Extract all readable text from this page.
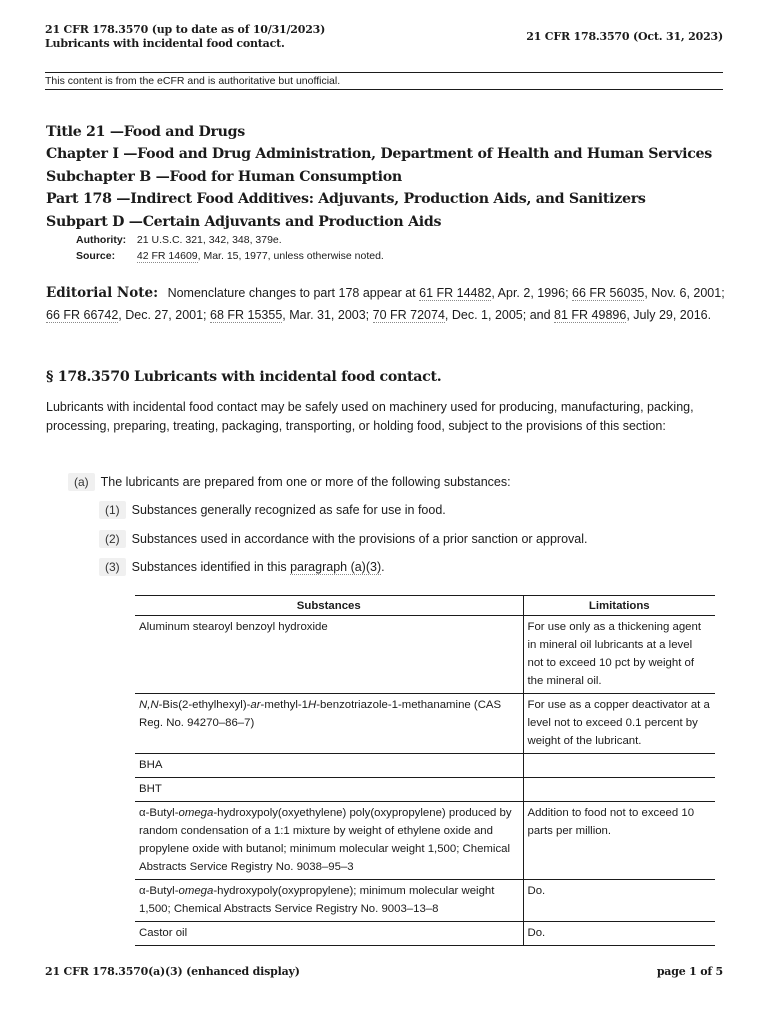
21 CFR 178.3570 (up to date as of 10/31/2023)
Lubricants with incidental food contact.
21 CFR 178.3570 (Oct. 31, 2023)
This content is from the eCFR and is authoritative but unofficial.
Title 21 —Food and Drugs
Chapter I —Food and Drug Administration, Department of Health and Human Services
Subchapter B —Food for Human Consumption
Part 178 —Indirect Food Additives: Adjuvants, Production Aids, and Sanitizers
Subpart D —Certain Adjuvants and Production Aids
Authority: 21 U.S.C. 321, 342, 348, 379e.
Source: 42 FR 14609, Mar. 15, 1977, unless otherwise noted.
Editorial Note: Nomenclature changes to part 178 appear at 61 FR 14482, Apr. 2, 1996; 66 FR 56035, Nov. 6, 2001; 66 FR 66742, Dec. 27, 2001; 68 FR 15355, Mar. 31, 2003; 70 FR 72074, Dec. 1, 2005; and 81 FR 49896, July 29, 2016.
§ 178.3570 Lubricants with incidental food contact.
Lubricants with incidental food contact may be safely used on machinery used for producing, manufacturing, packing, processing, preparing, treating, packaging, transporting, or holding food, subject to the provisions of this section:
(a) The lubricants are prepared from one or more of the following substances:
(1) Substances generally recognized as safe for use in food.
(2) Substances used in accordance with the provisions of a prior sanction or approval.
(3) Substances identified in this paragraph (a)(3).
Substances	Limitations
Aluminum stearoyl benzoyl hydroxide	For use only as a thickening agent in mineral oil lubricants at a level not to exceed 10 pct by weight of the mineral oil.
N,N-Bis(2-ethylhexyl)-ar-methyl-1H-benzotriazole-1-methanamine (CAS Reg. No. 94270–86–7)	For use as a copper deactivator at a level not to exceed 0.1 percent by weight of the lubricant.
BHA	
BHT	
α-Butyl-omega-hydroxypoly(oxyethylene) poly(oxypropylene) produced by random condensation of a 1:1 mixture by weight of ethylene oxide and propylene oxide with butanol; minimum molecular weight 1,500; Chemical Abstracts Service Registry No. 9038–95–3	Addition to food not to exceed 10 parts per million.
α-Butyl-omega-hydroxypoly(oxypropylene); minimum molecular weight 1,500; Chemical Abstracts Service Registry No. 9003–13–8	Do.
Castor oil	Do.
21 CFR 178.3570(a)(3) (enhanced display)	page 1 of 5
